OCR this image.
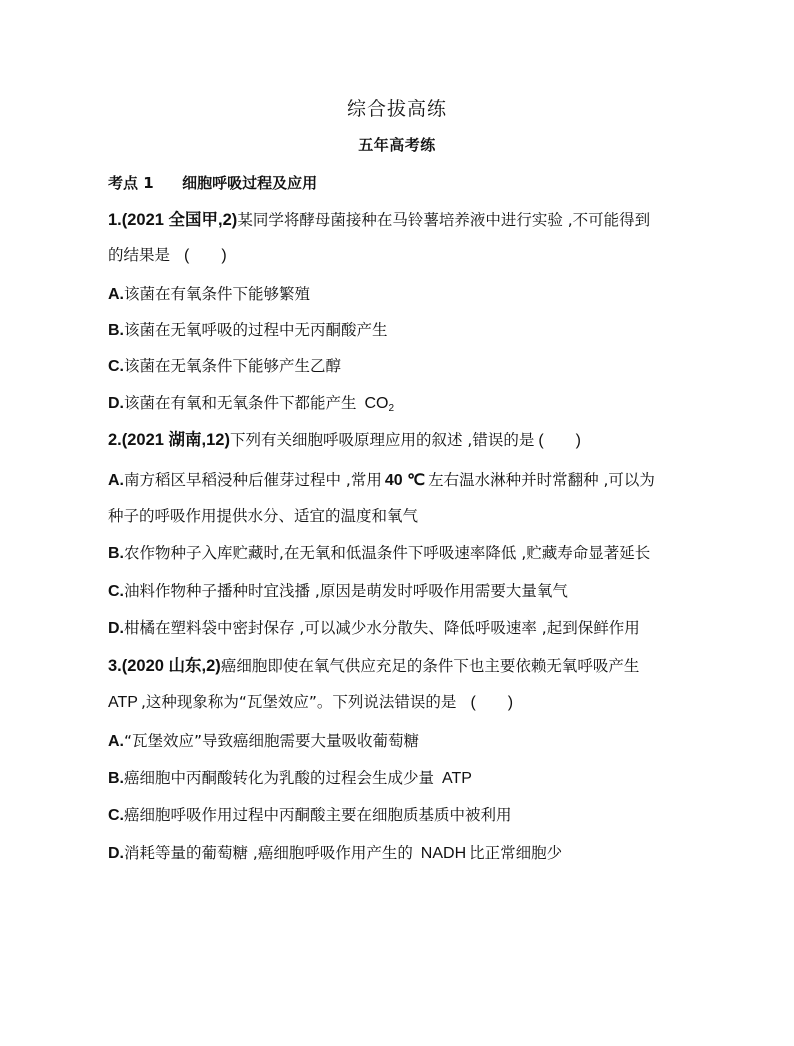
综合拔高练
五年高考练
考点 1 细胞呼吸过程及应用
1.(2021 全国甲,2)某同学将酵母菌接种在马铃薯培养液中进行实验 ,不可能得到
的结果是 (　　)
A.该菌在有氧条件下能够繁殖
B.该菌在无氧呼吸的过程中无丙酮酸产生
C.该菌在无氧条件下能够产生乙醇
D.该菌在有氧和无氧条件下都能产生 $CO_2$
2.(2021 湖南,12)下列有关细胞呼吸原理应用的叙述 ,错误的是 (　　)
A.南方稻区早稻浸种后催芽过程中 ,常用 40 ℃ 左右温水淋种并时常翻种 ,可以为
种子的呼吸作用提供水分、适宜的温度和氧气
B.农作物种子入库贮藏时,在无氧和低温条件下呼吸速率降低 ,贮藏寿命显著延长
C.油料作物种子播种时宜浅播 ,原因是萌发时呼吸作用需要大量氧气
D.柑橘在塑料袋中密封保存 ,可以减少水分散失、降低呼吸速率 ,起到保鲜作用
3.(2020 山东,2)癌细胞即使在氧气供应充足的条件下也主要依赖无氧呼吸产生
ATP ,这种现象称为“瓦堡效应”。下列说法错误的是 (　　)
A.“瓦堡效应”导致癌细胞需要大量吸收葡萄糖
B.癌细胞中丙酮酸转化为乳酸的过程会生成少量 ATP
C.癌细胞呼吸作用过程中丙酮酸主要在细胞质基质中被利用
D.消耗等量的葡萄糖 ,癌细胞呼吸作用产生的 NADH 比正常细胞少
